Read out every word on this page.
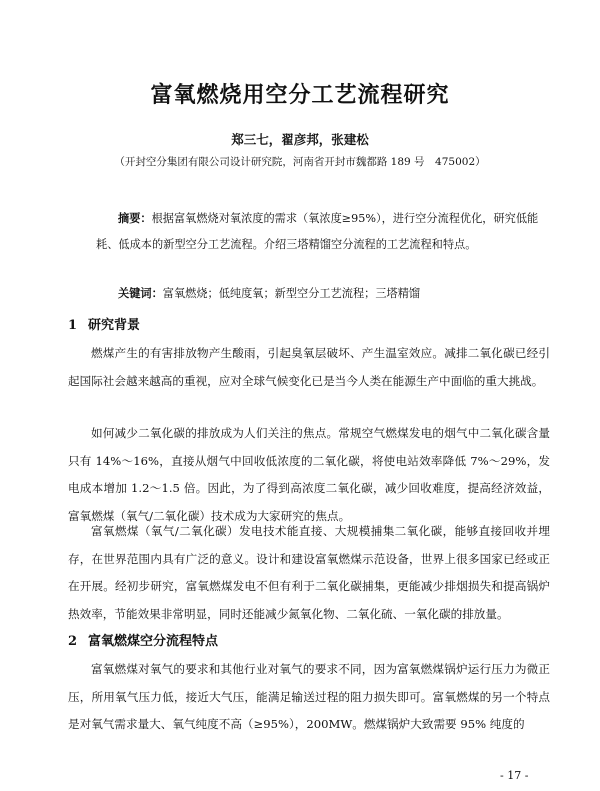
富氧燃烧用空分工艺流程研究
郑三七，翟彦邦，张建松
（开封空分集团有限公司设计研究院，河南省开封市魏都路 189 号　475002）
摘要：根据富氧燃烧对氧浓度的需求（氧浓度≥95%），进行空分流程优化，研究低能耗、低成本的新型空分工艺流程。介绍三塔精馏空分流程的工艺流程和特点。
关键词：富氧燃烧；低纯度氧；新型空分工艺流程；三塔精馏
1 研究背景
燃煤产生的有害排放物产生酸雨，引起臭氧层破坏、产生温室效应。减排二氧化碳已经引起国际社会越来越高的重视，应对全球气候变化已是当今人类在能源生产中面临的重大挑战。
如何减少二氧化碳的排放成为人们关注的焦点。常规空气燃煤发电的烟气中二氧化碳含量只有 14%～16%，直接从烟气中回收低浓度的二氧化碳，将使电站效率降低 7%～29%，发电成本增加 1.2～1.5 倍。因此，为了得到高浓度二氧化碳，减少回收难度，提高经济效益，富氧燃煤（氧气/二氧化碳）技术成为大家研究的焦点。
富氧燃煤（氧气/二氧化碳）发电技术能直接、大规模捕集二氧化碳，能够直接回收并埋存，在世界范围内具有广泛的意义。设计和建设富氧燃煤示范设备，世界上很多国家已经或正在开展。经初步研究，富氧燃煤发电不但有利于二氧化碳捕集，更能减少排烟损失和提高锅炉热效率，节能效果非常明显，同时还能减少氮氧化物、二氧化硫、一氧化碳的排放量。
2 富氧燃煤空分流程特点
富氧燃煤对氧气的要求和其他行业对氧气的要求不同，因为富氧燃煤锅炉运行压力为微正压，所用氧气压力低，接近大气压，能满足输送过程的阻力损失即可。富氧燃煤的另一个特点是对氧气需求量大、氧气纯度不高（≥95%），200MW。燃煤锅炉大致需要 95% 纯度的
- 17 -
